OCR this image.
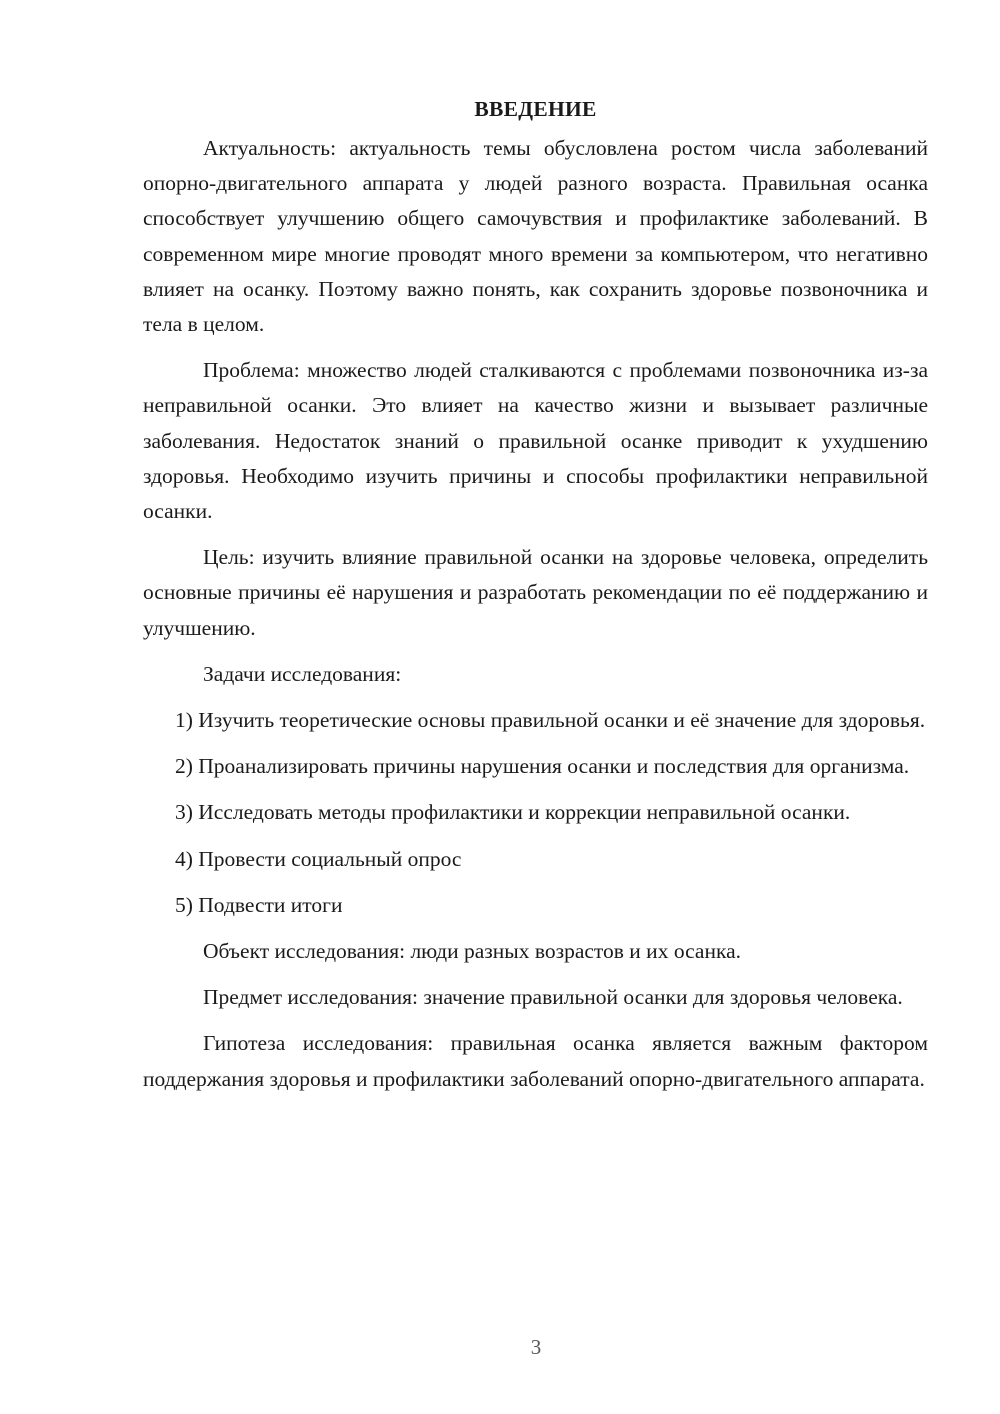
ВВЕДЕНИЕ

Актуальность: актуальность темы обусловлена ростом числа заболеваний опорно-двигательного аппарата у людей разного возраста. Правильная осанка способствует улучшению общего самочувствия и профилактике заболеваний. В современном мире многие проводят много времени за компьютером, что негативно влияет на осанку. Поэтому важно понять, как сохранить здоровье позвоночника и тела в целом.

Проблема: множество людей сталкиваются с проблемами позвоночника из-за неправильной осанки. Это влияет на качество жизни и вызывает различные заболевания. Недостаток знаний о правильной осанке приводит к ухудшению здоровья. Необходимо изучить причины и способы профилактики неправильной осанки.

Цель: изучить влияние правильной осанки на здоровье человека, определить основные причины её нарушения и разработать рекомендации по её поддержанию и улучшению.

Задачи исследования:

1) Изучить теоретические основы правильной осанки и её значение для здоровья.

2) Проанализировать причины нарушения осанки и последствия для организма.

3) Исследовать методы профилактики и коррекции неправильной осанки.

4) Провести социальный опрос

5) Подвести итоги

Объект исследования: люди разных возрастов и их осанка.

Предмет исследования: значение правильной осанки для здоровья человека.

Гипотеза исследования: правильная осанка является важным фактором поддержания здоровья и профилактики заболеваний опорно-двигательного аппарата.

3
